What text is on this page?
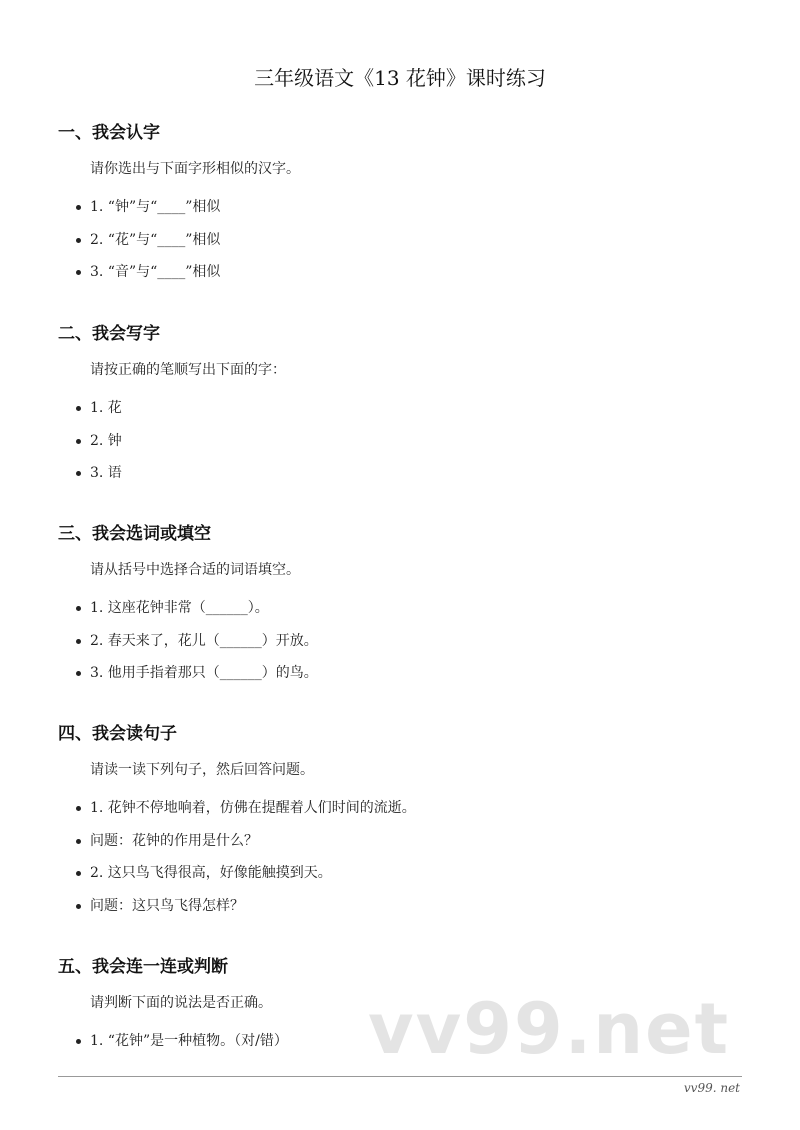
三年级语文《13 花钟》课时练习
一、我会认字
请你选出与下面字形相似的汉字。
1. “钟”与“____”相似
2. “花”与“____”相似
3. “音”与“____”相似
二、我会写字
请按正确的笔顺写出下面的字：
1. 花
2. 钟
3. 语
三、我会选词或填空
请从括号中选择合适的词语填空。
1. 这座花钟非常（______）。
2. 春天来了，花儿（______）开放。
3. 他用手指着那只（______）的鸟。
四、我会读句子
请读一读下列句子，然后回答问题。
1. 花钟不停地响着，仿佛在提醒着人们时间的流逝。
问题：花钟的作用是什么？
2. 这只鸟飞得很高，好像能触摸到天。
问题：这只鸟飞得怎样？
五、我会连一连或判断
请判断下面的说法是否正确。
1. “花钟”是一种植物。（对/错）	vv99.net
vv99. net
